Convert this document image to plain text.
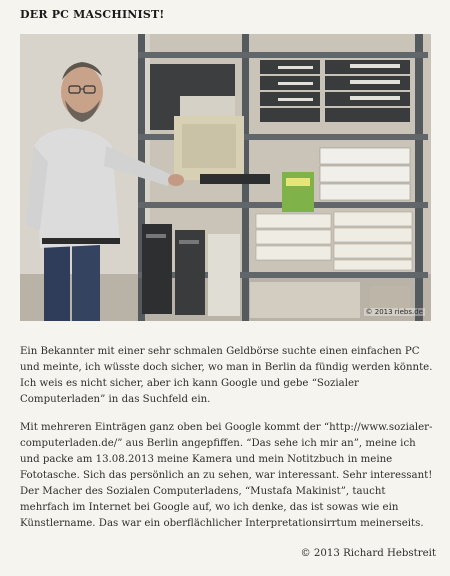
DER PC MASCHINIST!
© 2013 riebs.de
Ein Bekannter mit einer sehr schmalen Geldbörse suchte einen einfachen PC und meinte, ich wüsste doch sicher, wo man in Berlin da fündig werden könnte. Ich weis es nicht sicher, aber ich kann Google und gebe “Sozialer Computerladen” in das Suchfeld ein.
Mit mehreren Einträgen ganz oben bei Google kommt der “http://www.sozialer-computerladen.de/” aus Berlin angepfiffen. “Das sehe ich mir an”, meine ich und packe am 13.08.2013 meine Kamera und mein Notitzbuch in meine Fototasche. Sich das persönlich an zu sehen, war interessant. Sehr interessant! Der Macher des Sozialen Computerladens, “Mustafa Makinist”, taucht mehrfach im Internet bei Google auf, wo ich denke, das ist sowas wie ein Künstlername. Das war ein oberflächlicher Interpretationsirrtum meinerseits.
© 2013 Richard Hebstreit
